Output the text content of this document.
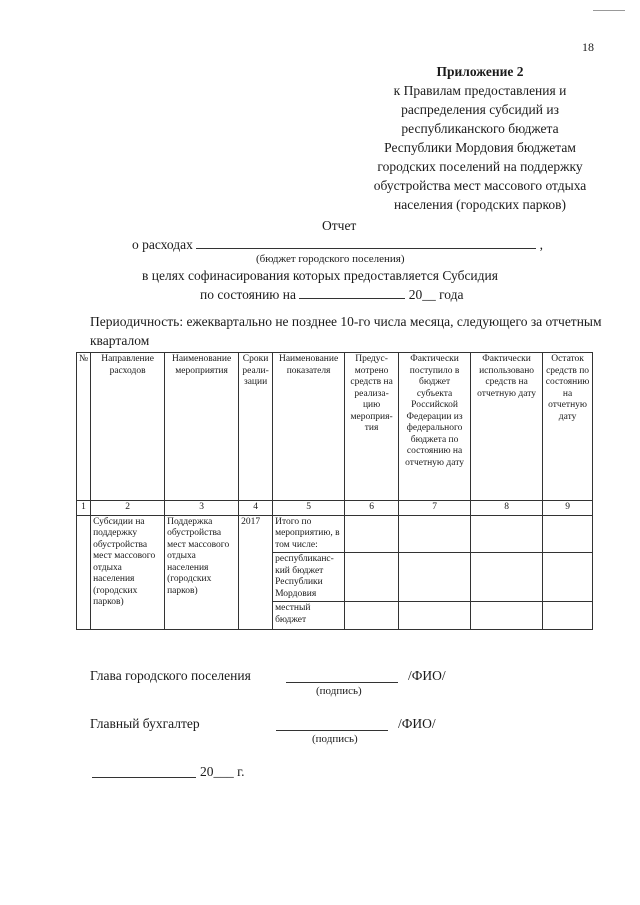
18
Приложение 2
к Правилам предоставления и
распределения субсидий из
республиканского бюджета
Республики Мордовия бюджетам
городских поселений на поддержку
обустройства мест массового отдыха
населения (городских парков)
Отчет
о расходах	,
(бюджет городского поселения)
в целях софинасирования которых предоставляется Субсидия
по состоянию на	20__ года
Периодичность: ежеквартально не позднее 10-го числа месяца, следующего за отчетным кварталом
№	Направление расходов	Наименование мероприятия	Сроки реали-зации	Наименование показателя	Предус-мотрено средств на реализа-цию мероприя-тия	Фактически поступило в бюджет субъекта Российской Федерации из федерального бюджета по состоянию на отчетную дату	Фактически использовано средств на отчетную дату	Остаток средств по состоянию на отчетную дату
1	2	3	4	5	6	7	8	9
	Субсидии на поддержку обустройства мест массового отдыха населения (городских парков)	Поддержка обустройства мест массового отдыха населения (городских парков)	2017	Итого по мероприятию, в том числе:				
				республиканс-кий бюджет Республики Мордовия				
				местный бюджет				
Глава городского поселения	/ФИО/
(подпись)
Главный бухгалтер	/ФИО/
(подпись)
20___ г.
